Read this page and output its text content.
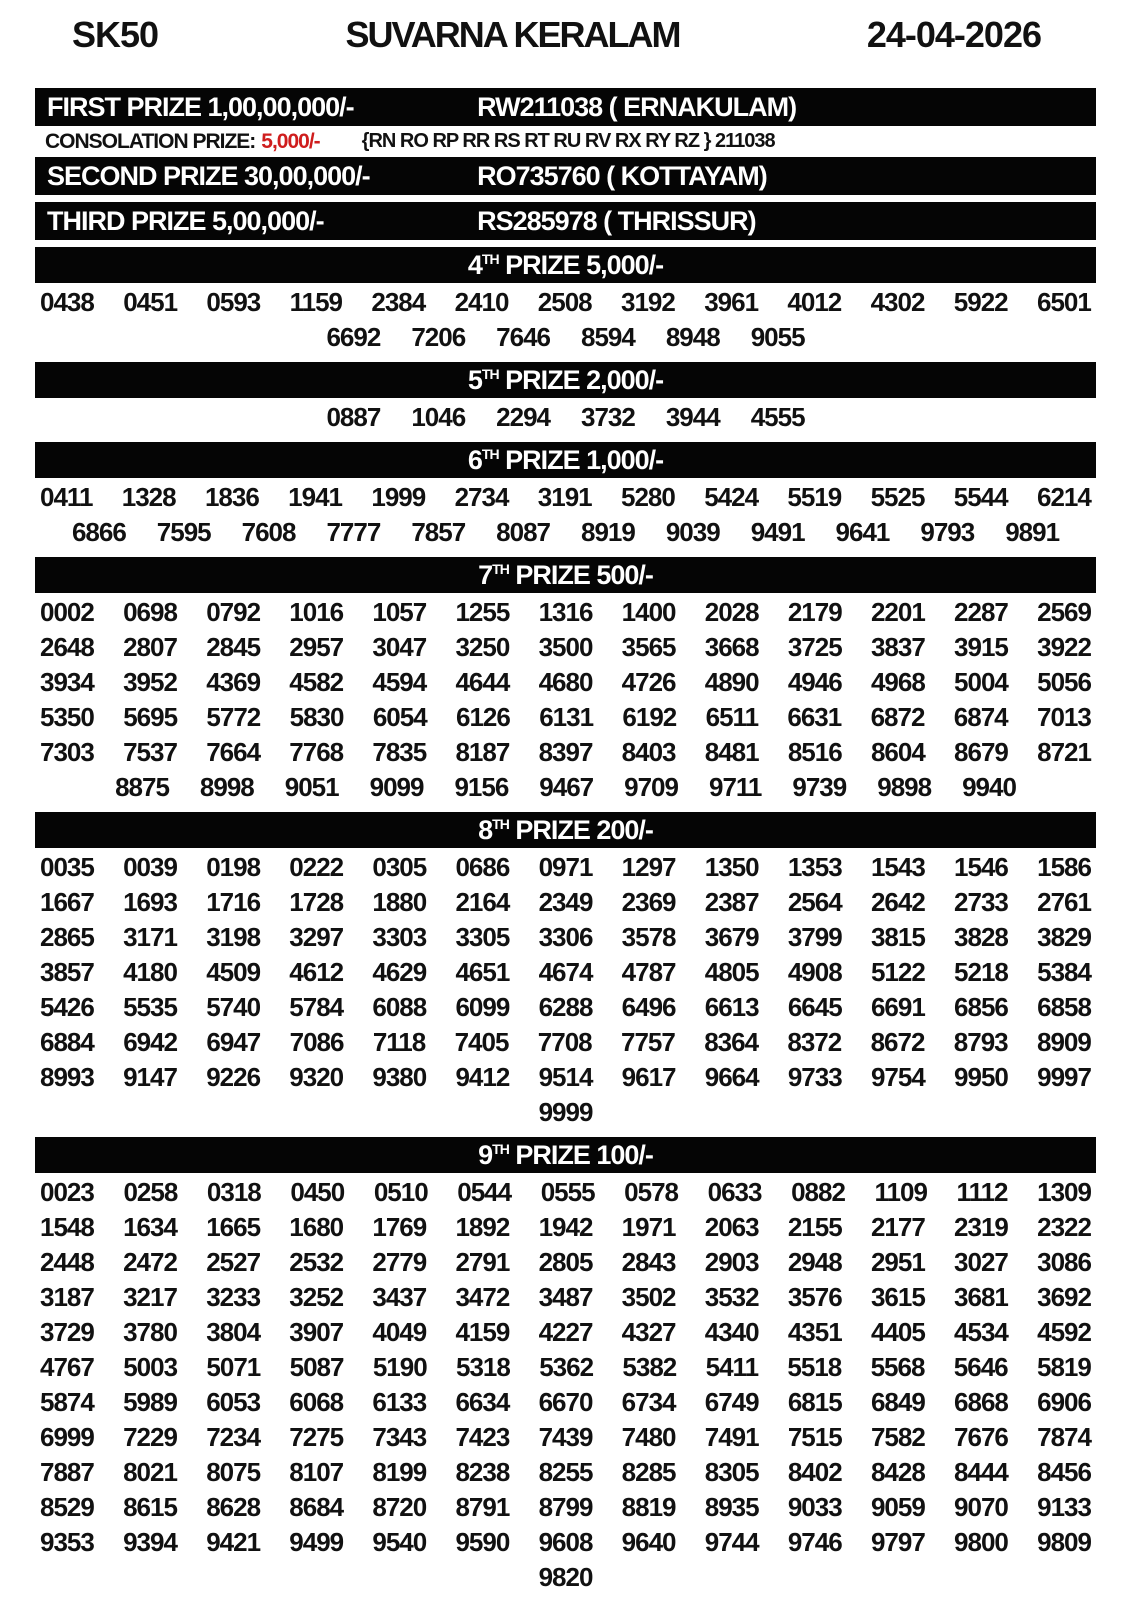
SK50	SUVARNA KERALAM	24-04-2026
FIRST PRIZE 1,00,00,000/-	RW211038 ( ERNAKULAM)
CONSOLATION PRIZE: 5,000/- {RN RO RP RR RS RT RU RV RX RY RZ } 211038
SECOND PRIZE 30,00,000/-	RO735760 ( KOTTAYAM)
THIRD PRIZE 5,00,000/-	RS285978 ( THRISSUR)
4TH PRIZE 5,000/-
0438 0451 0593 1159 2384 2410 2508 3192 3961 4012 4302 5922 6501
6692 7206 7646 8594 8948 9055
5TH PRIZE 2,000/-
0887 1046 2294 3732 3944 4555
6TH PRIZE 1,000/-
0411 1328 1836 1941 1999 2734 3191 5280 5424 5519 5525 5544 6214
6866 7595 7608 7777 7857 8087 8919 9039 9491 9641 9793 9891
7TH PRIZE 500/-
0002 0698 0792 1016 1057 1255 1316 1400 2028 2179 2201 2287 2569
2648 2807 2845 2957 3047 3250 3500 3565 3668 3725 3837 3915 3922
3934 3952 4369 4582 4594 4644 4680 4726 4890 4946 4968 5004 5056
5350 5695 5772 5830 6054 6126 6131 6192 6511 6631 6872 6874 7013
7303 7537 7664 7768 7835 8187 8397 8403 8481 8516 8604 8679 8721
8875 8998 9051 9099 9156 9467 9709 9711 9739 9898 9940
8TH PRIZE 200/-
0035 0039 0198 0222 0305 0686 0971 1297 1350 1353 1543 1546 1586
1667 1693 1716 1728 1880 2164 2349 2369 2387 2564 2642 2733 2761
2865 3171 3198 3297 3303 3305 3306 3578 3679 3799 3815 3828 3829
3857 4180 4509 4612 4629 4651 4674 4787 4805 4908 5122 5218 5384
5426 5535 5740 5784 6088 6099 6288 6496 6613 6645 6691 6856 6858
6884 6942 6947 7086 7118 7405 7708 7757 8364 8372 8672 8793 8909
8993 9147 9226 9320 9380 9412 9514 9617 9664 9733 9754 9950 9997
9999
9TH PRIZE 100/-
0023 0258 0318 0450 0510 0544 0555 0578 0633 0882 1109 1112 1309
1548 1634 1665 1680 1769 1892 1942 1971 2063 2155 2177 2319 2322
2448 2472 2527 2532 2779 2791 2805 2843 2903 2948 2951 3027 3086
3187 3217 3233 3252 3437 3472 3487 3502 3532 3576 3615 3681 3692
3729 3780 3804 3907 4049 4159 4227 4327 4340 4351 4405 4534 4592
4767 5003 5071 5087 5190 5318 5362 5382 5411 5518 5568 5646 5819
5874 5989 6053 6068 6133 6634 6670 6734 6749 6815 6849 6868 6906
6999 7229 7234 7275 7343 7423 7439 7480 7491 7515 7582 7676 7874
7887 8021 8075 8107 8199 8238 8255 8285 8305 8402 8428 8444 8456
8529 8615 8628 8684 8720 8791 8799 8819 8935 9033 9059 9070 9133
9353 9394 9421 9499 9540 9590 9608 9640 9744 9746 9797 9800 9809
9820
